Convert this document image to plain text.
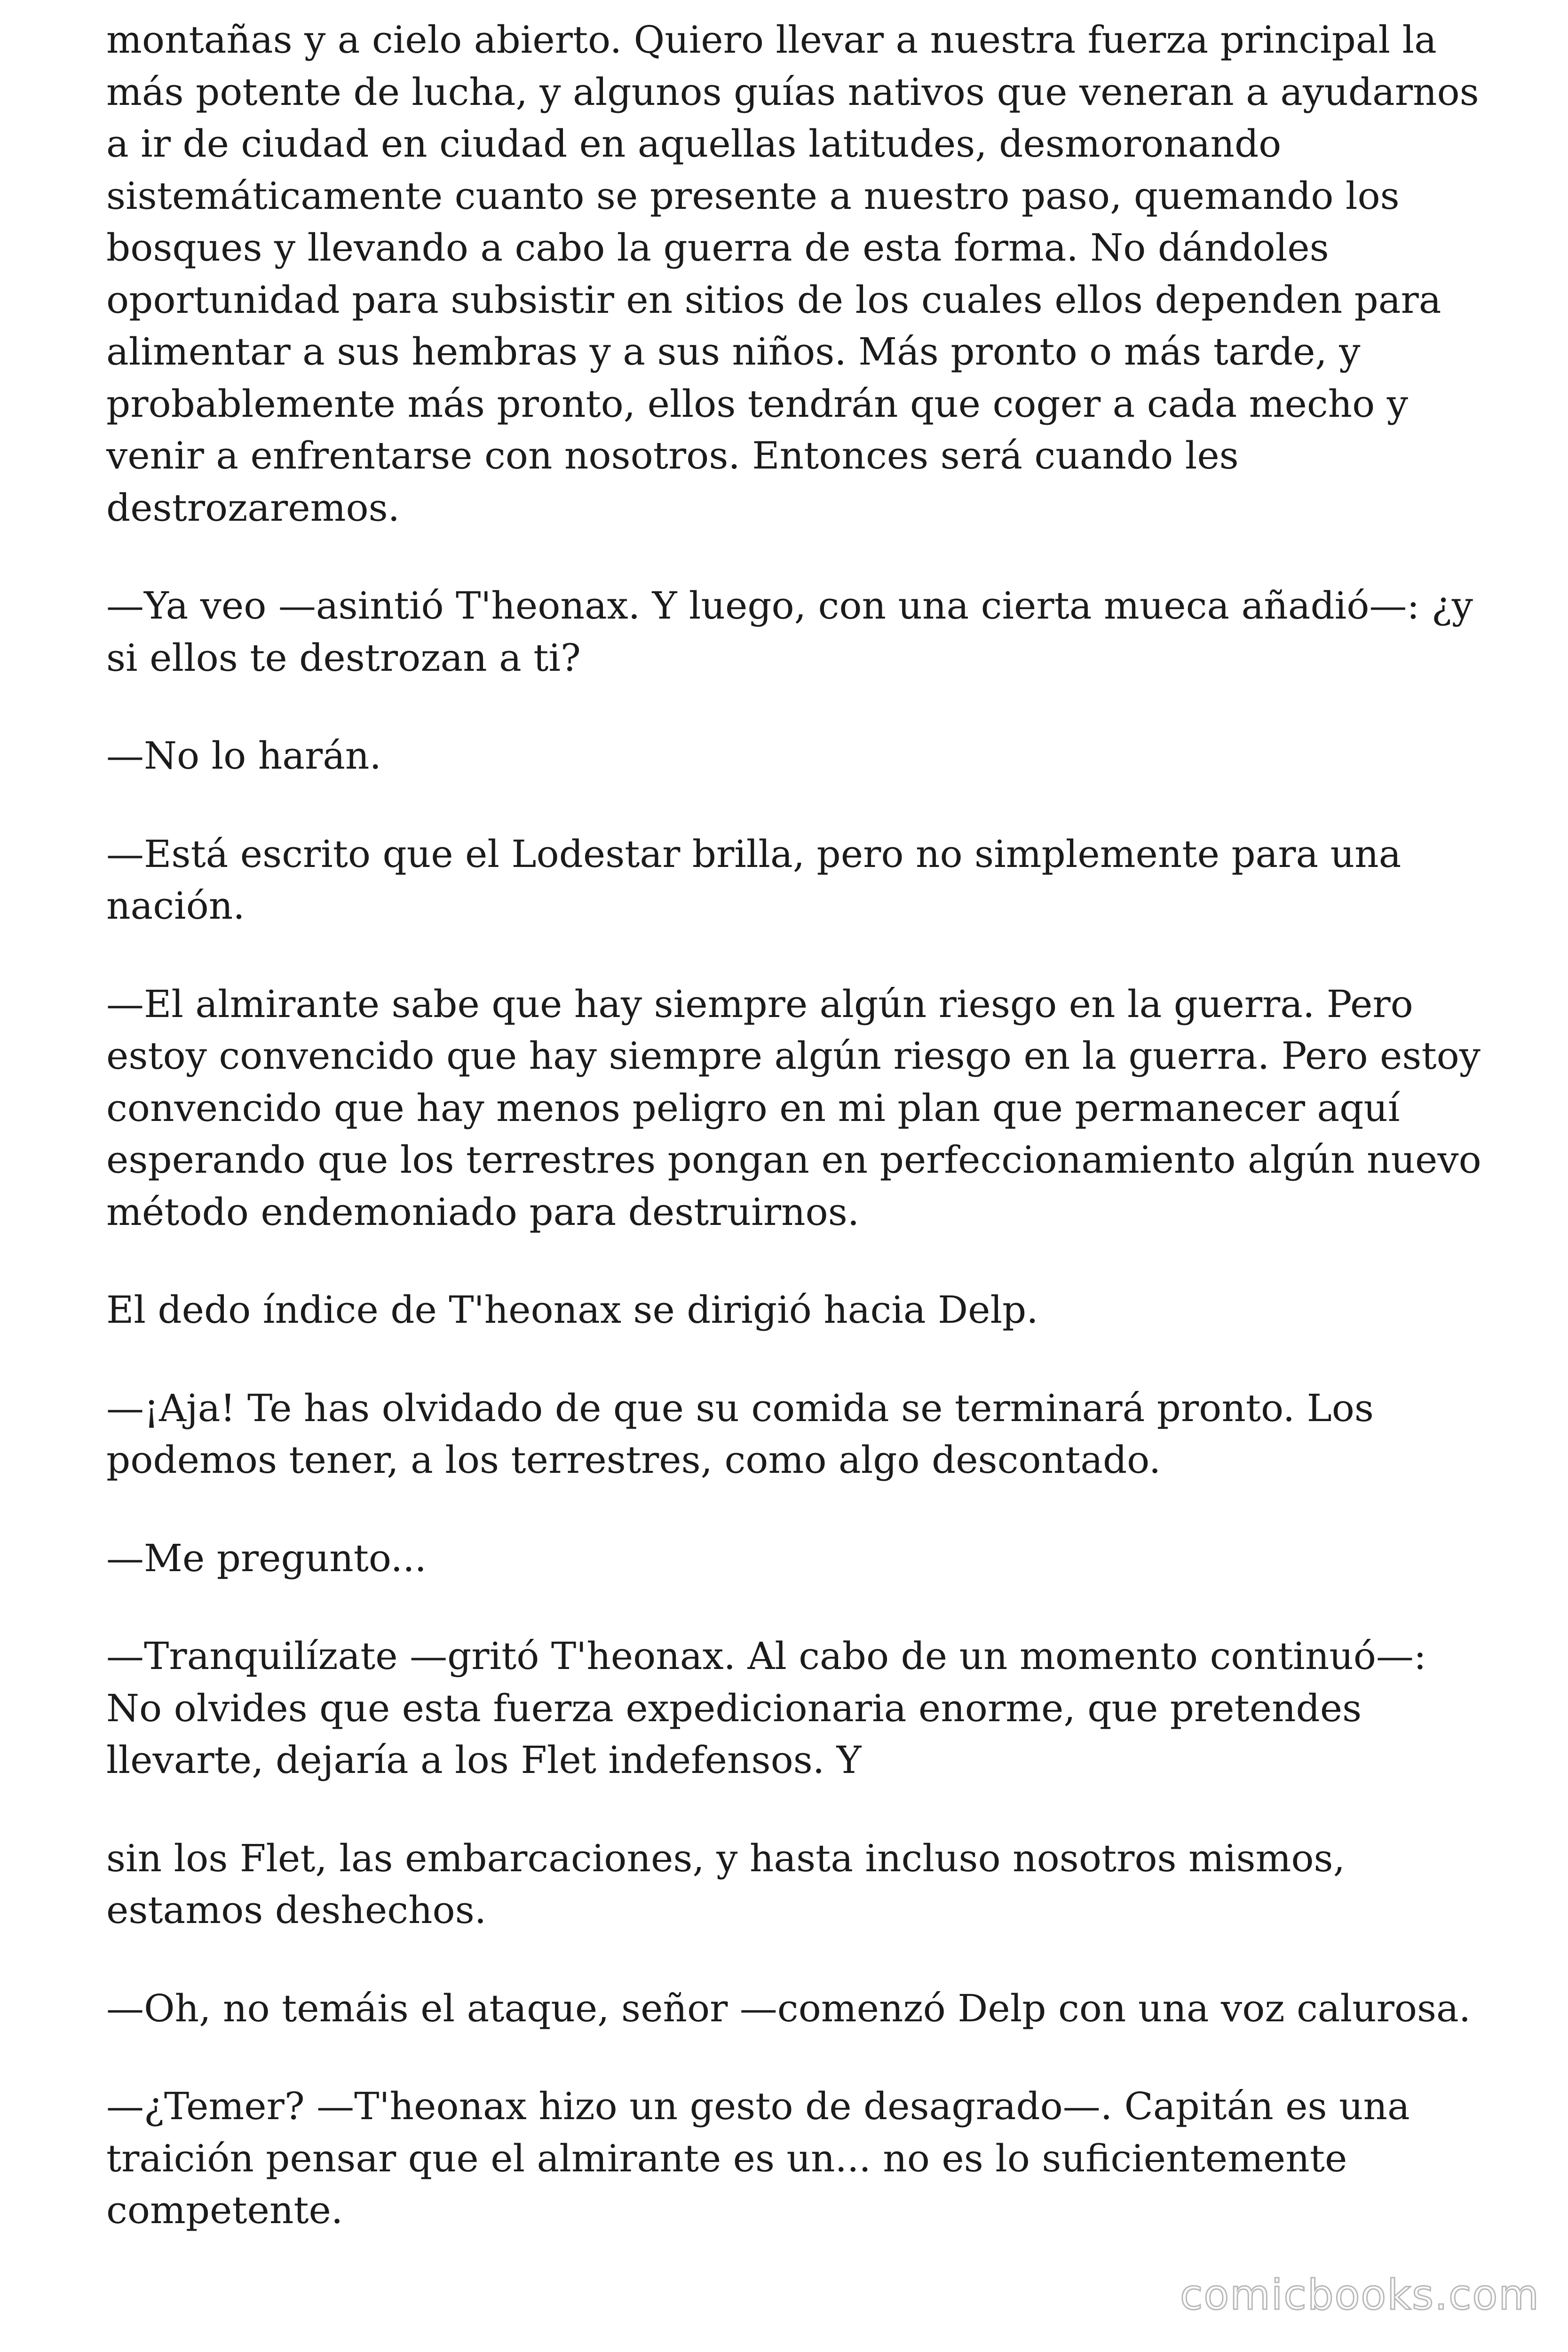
montañas y a cielo abierto. Quiero llevar a nuestra fuerza principal la más potente de lucha, y algunos guías nativos que veneran a ayudarnos a ir de ciudad en ciudad en aquellas latitudes, desmoronando sistemáticamente cuanto se presente a nuestro paso, quemando los bosques y llevando a cabo la guerra de esta forma. No dándoles oportunidad para subsistir en sitios de los cuales ellos dependen para alimentar a sus hembras y a sus niños. Más pronto o más tarde, y probablemente más pronto, ellos tendrán que coger a cada mecho y venir a enfrentarse con nosotros. Entonces será cuando les destrozaremos.

—Ya veo —asintió T'heonax. Y luego, con una cierta mueca añadió—: ¿y si ellos te destrozan a ti?

—No lo harán.

—Está escrito que el Lodestar brilla, pero no simplemente para una nación.

—El almirante sabe que hay siempre algún riesgo en la guerra. Pero estoy convencido que hay siempre algún riesgo en la guerra. Pero estoy convencido que hay menos peligro en mi plan que permanecer aquí esperando que los terrestres pongan en perfeccionamiento algún nuevo método endemoniado para destruirnos.

El dedo índice de T'heonax se dirigió hacia Delp.

—¡Aja! Te has olvidado de que su comida se terminará pronto. Los podemos tener, a los terrestres, como algo descontado.

—Me pregunto...

—Tranquilízate —gritó T'heonax. Al cabo de un momento continuó—: No olvides que esta fuerza expedicionaria enorme, que pretendes llevarte, dejaría a los Flet indefensos. Y

sin los Flet, las embarcaciones, y hasta incluso nosotros mismos, estamos deshechos.

—Oh, no temáis el ataque, señor —comenzó Delp con una voz calurosa.

—¿Temer? —T'heonax hizo un gesto de desagrado—. Capitán es una traición pensar que el almirante es un... no es lo suficientemente competente.

comicbooks.com
